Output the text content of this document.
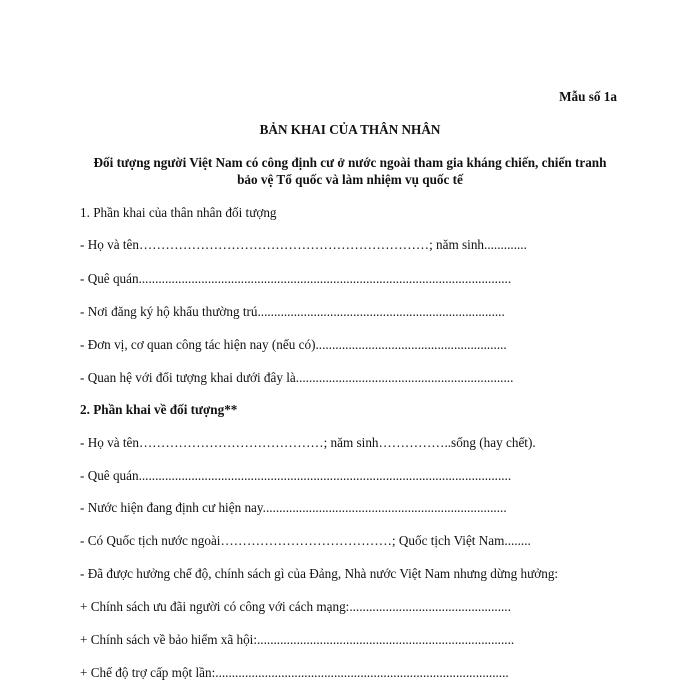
Mẫu số 1a
BẢN KHAI CỦA THÂN NHÂN
Đối tượng người Việt Nam có công định cư ở nước ngoài tham gia kháng chiến, chiến tranh
bảo vệ Tổ quốc và làm nhiệm vụ quốc tế
1. Phần khai của thân nhân đối tượng
- Họ và tên…………………………………………………………; năm sinh.............
- Quê quán.................................................................................................................
- Nơi đăng ký hộ khẩu thường trú...........................................................................
- Đơn vị, cơ quan công tác hiện nay (nếu có)..........................................................
- Quan hệ với đối tượng khai dưới đây là..................................................................
2. Phần khai về đối tượng**
- Họ và tên……………………………………; năm sinh……………..sống (hay chết).
- Quê quán.................................................................................................................
- Nước hiện đang định cư hiện nay..........................................................................
- Có Quốc tịch nước ngoài…………………………………; Quốc tịch Việt Nam........
- Đã được hưởng chế độ, chính sách gì của Đảng, Nhà nước Việt Nam nhưng dừng hưởng:
+ Chính sách ưu đãi người có công với cách mạng:.................................................
+ Chính sách về bảo hiểm xã hội:..............................................................................
+ Chế độ trợ cấp một lần:.........................................................................................
